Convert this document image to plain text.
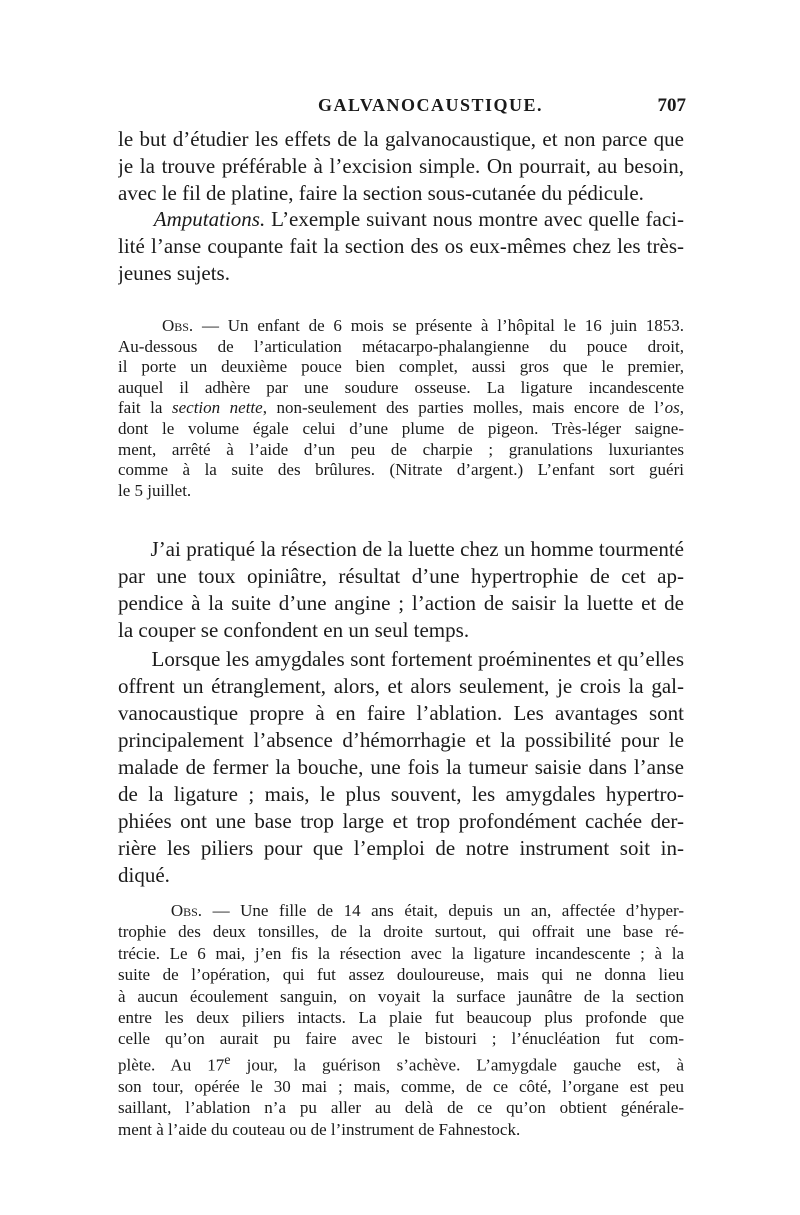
GALVANOCAUSTIQUE.	707
le but d’étudier les effets de la galvanocaustique, et non parce que
je la trouve préférable à l’excision simple. On pourrait, au besoin,
avec le fil de platine, faire la section sous-cutanée du pédicule.
Amputations. L’exemple suivant nous montre avec quelle faci-
lité l’anse coupante fait la section des os eux-mêmes chez les très-
jeunes sujets.
Obs. — Un enfant de 6 mois se présente à l’hôpital le 16 juin 1853.
Au-dessous de l’articulation métacarpo-phalangienne du pouce droit,
il porte un deuxième pouce bien complet, aussi gros que le premier,
auquel il adhère par une soudure osseuse. La ligature incandescente
fait la section nette, non-seulement des parties molles, mais encore de l’os,
dont le volume égale celui d’une plume de pigeon. Très-léger saigne-
ment, arrêté à l’aide d’un peu de charpie ; granulations luxuriantes
comme à la suite des brûlures. (Nitrate d’argent.) L’enfant sort guéri
le 5 juillet.
J’ai pratiqué la résection de la luette chez un homme tourmenté
par une toux opiniâtre, résultat d’une hypertrophie de cet ap-
pendice à la suite d’une angine ; l’action de saisir la luette et de
la couper se confondent en un seul temps.
Lorsque les amygdales sont fortement proéminentes et qu’elles
offrent un étranglement, alors, et alors seulement, je crois la gal-
vanocaustique propre à en faire l’ablation. Les avantages sont
principalement l’absence d’hémorrhagie et la possibilité pour le
malade de fermer la bouche, une fois la tumeur saisie dans l’anse
de la ligature ; mais, le plus souvent, les amygdales hypertro-
phiées ont une base trop large et trop profondément cachée der-
rière les piliers pour que l’emploi de notre instrument soit in-
diqué.
Obs. — Une fille de 14 ans était, depuis un an, affectée d’hyper-
trophie des deux tonsilles, de la droite surtout, qui offrait une base ré-
trécie. Le 6 mai, j’en fis la résection avec la ligature incandescente ; à la
suite de l’opération, qui fut assez douloureuse, mais qui ne donna lieu
à aucun écoulement sanguin, on voyait la surface jaunâtre de la section
entre les deux piliers intacts. La plaie fut beaucoup plus profonde que
celle qu’on aurait pu faire avec le bistouri ; l’énucléation fut com-
plète. Au 17e jour, la guérison s’achève. L’amygdale gauche est, à
son tour, opérée le 30 mai ; mais, comme, de ce côté, l’organe est peu
saillant, l’ablation n’a pu aller au delà de ce qu’on obtient générale-
ment à l’aide du couteau ou de l’instrument de Fahnestock.
